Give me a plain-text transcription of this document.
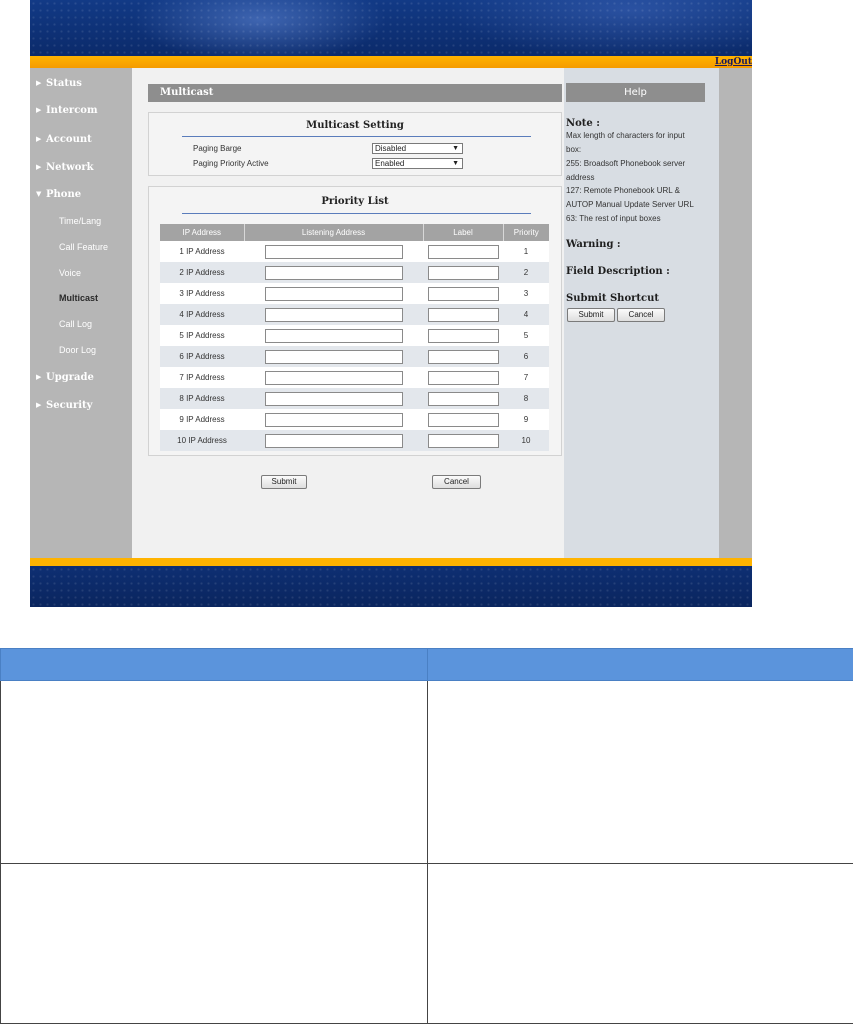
LogOut
▶ Status
▶ Intercom
▶ Account
▶ Network
▼ Phone
Time/Lang
Call Feature
Voice
Multicast
Call Log
Door Log
▶ Upgrade
▶ Security
Multicast
Multicast Setting
Paging Barge	Disabled	▼
Paging Priority Active	Enabled	▼
Priority List
IP Address	Listening Address	Label	Priority
1 IP Address			1
2 IP Address			2
3 IP Address			3
4 IP Address			4
5 IP Address			5
6 IP Address			6
7 IP Address			7
8 IP Address			8
9 IP Address			9
10 IP Address			10
Submit	Cancel
Help
Note :
Max length of characters for input
box:
255: Broadsoft Phonebook server
address
127: Remote Phonebook URL &
AUTOP Manual Update Server URL
63: The rest of input boxes
Warning :
Field Description :
Submit Shortcut
Submit	Cancel
